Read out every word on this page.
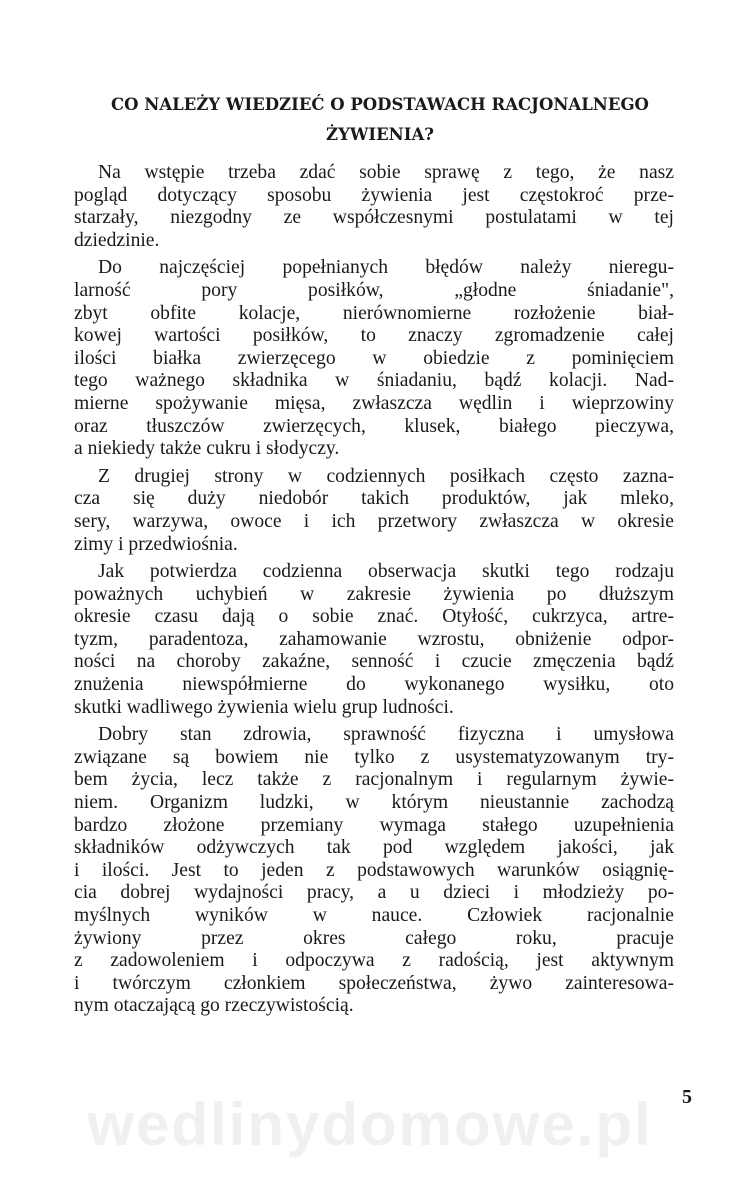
CO NALEŻY WIEDZIEĆ O PODSTAWACH RACJONALNEGO
ŻYWIENIA?
Na wstępie trzeba zdać sobie sprawę z tego, że nasz
pogląd dotyczący sposobu żywienia jest częstokroć prze-
starzały, niezgodny ze współczesnymi postulatami w tej
dziedzinie.
Do najczęściej popełnianych błędów należy nieregu-
larność pory posiłków, „głodne śniadanie",
zbyt obfite kolacje, nierównomierne rozłożenie biał-
kowej wartości posiłków, to znaczy zgromadzenie całej
ilości białka zwierzęcego w obiedzie z pominięciem
tego ważnego składnika w śniadaniu, bądź kolacji. Nad-
mierne spożywanie mięsa, zwłaszcza wędlin i wieprzowiny
oraz tłuszczów zwierzęcych, klusek, białego pieczywa,
a niekiedy także cukru i słodyczy.
Z drugiej strony w codziennych posiłkach często zazna-
cza się duży niedobór takich produktów, jak mleko,
sery, warzywa, owoce i ich przetwory zwłaszcza w okresie
zimy i przedwiośnia.
Jak potwierdza codzienna obserwacja skutki tego rodzaju
poważnych uchybień w zakresie żywienia po dłuższym
okresie czasu dają o sobie znać. Otyłość, cukrzyca, artre-
tyzm, paradentoza, zahamowanie wzrostu, obniżenie odpor-
ności na choroby zakaźne, senność i czucie zmęczenia bądź
znużenia niewspółmierne do wykonanego wysiłku, oto
skutki wadliwego żywienia wielu grup ludności.
Dobry stan zdrowia, sprawność fizyczna i umysłowa
związane są bowiem nie tylko z usystematyzowanym try-
bem życia, lecz także z racjonalnym i regularnym żywie-
niem. Organizm ludzki, w którym nieustannie zachodzą
bardzo złożone przemiany wymaga stałego uzupełnienia
składników odżywczych tak pod względem jakości, jak
i ilości. Jest to jeden z podstawowych warunków osiągnię-
cia dobrej wydajności pracy, a u dzieci i młodzieży po-
myślnych wyników w nauce. Człowiek racjonalnie
żywiony przez okres całego roku, pracuje
z zadowoleniem i odpoczywa z radością, jest aktywnym
i twórczym członkiem społeczeństwa, żywo zainteresowa-
nym otaczającą go rzeczywistością.
5
wedlinydomowe.pl
